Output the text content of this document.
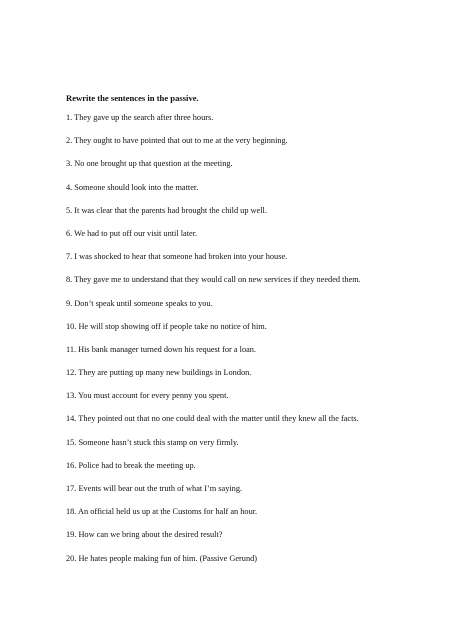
Rewrite the sentences in the passive.
1. They gave up the search after three hours.
2. They ought to have pointed that out to me at the very beginning.
3. No one brought up that question at the meeting.
4. Someone should look into the matter.
5. It was clear that the parents had brought the child up well.
6. We had to put off our visit until later.
7. I was shocked to hear that someone had broken into your house.
8. They gave me to understand that they would call on new services if they needed them.
9. Don’t speak until someone speaks to you.
10. He will stop showing off if people take no notice of him.
11. His bank manager turned down his request for a loan.
12. They are putting up many new buildings in London.
13. You must account for every penny you spent.
14. They pointed out that no one could deal with the matter until they knew all the facts.
15. Someone hasn’t stuck this stamp on very firmly.
16. Police had to break the meeting up.
17. Events will bear out the truth of what I’m saying.
18. An official held us up at the Customs for half an hour.
19. How can we bring about the desired result?
20. He hates people making fun of him. (Passive Gerund)
